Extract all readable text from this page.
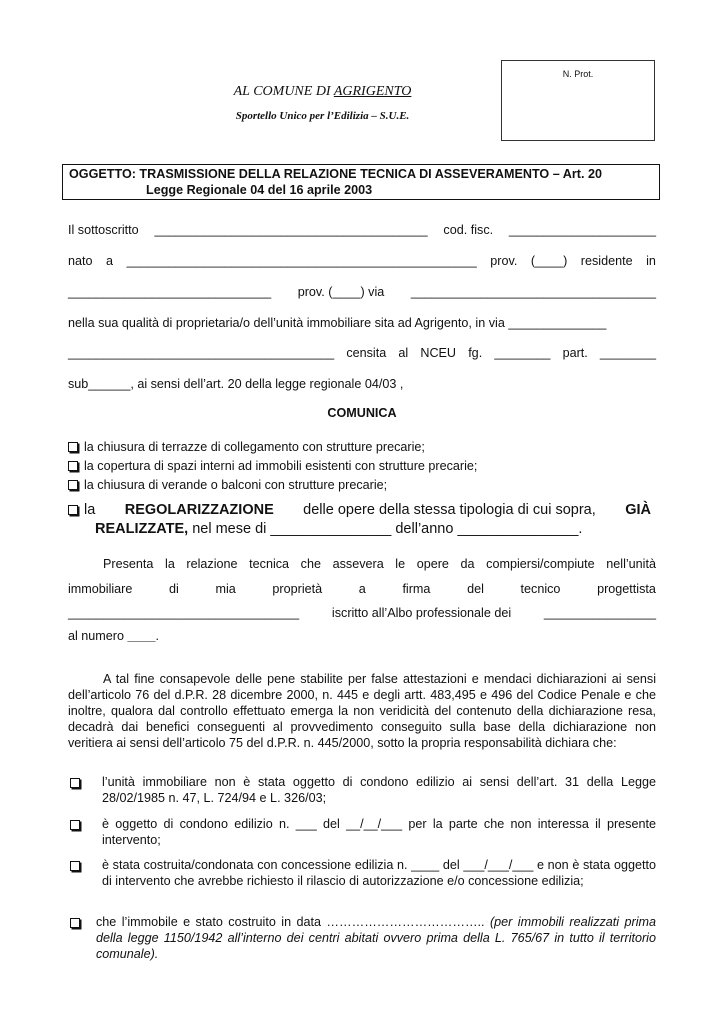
N. Prot.
AL COMUNE DI AGRIGENTO
Sportello Unico per l’Edilizia – S.U.E.
OGGETTO: TRASMISSIONE DELLA RELAZIONE TECNICA DI ASSEVERAMENTO – Art. 20
Legge Regionale 04 del 16 aprile 2003
Il sottoscritto _______________________________________ cod. fisc. _____________________
nato a __________________________________________________ prov. (____) residente in
_____________________________ prov. (____) via ___________________________________
nella sua qualità di proprietaria/o dell’unità immobiliare sita ad Agrigento, in via ______________
______________________________________ censita al NCEU fg. ________ part. ________
sub______, ai sensi dell’art. 20 della legge regionale 04/03 ,
COMUNICA
la chiusura di terrazze di collegamento con strutture precarie;
la copertura di spazi interni ad immobili esistenti con strutture precarie;
la chiusura di verande o balconi con strutture precarie;
la REGOLARIZZAZIONE delle opere della stessa tipologia di cui sopra, GIÀ
REALIZZATE, nel mese di _______________ dell’anno _______________.
Presenta la relazione tecnica che assevera le opere da compiersi/compiute nell’unità
immobiliare	di	mia	proprietà	a	firma	del	tecnico	progettista
_________________________________	iscritto all’Albo professionale dei	________________
al numero ____.
A tal fine consapevole delle pene stabilite per false attestazioni e mendaci dichiarazioni ai sensi dell’articolo 76 del d.P.R. 28 dicembre 2000, n. 445 e degli artt. 483,495 e 496 del Codice Penale e che inoltre, qualora dal controllo effettuato emerga la non veridicità del contenuto della dichiarazione resa, decadrà dai benefici conseguenti al provvedimento conseguito sulla base della dichiarazione non veritiera ai sensi dell’articolo 75 del d.P.R. n. 445/2000, sotto la propria responsabilità dichiara che:
l’unità immobiliare non è stata oggetto di condono edilizio ai sensi dell’art. 31 della Legge 28/02/1985 n. 47, L. 724/94 e L. 326/03;
è oggetto di condono edilizio n. ___ del __/__/___ per la parte che non interessa il presente intervento;
è stata costruita/condonata con concessione edilizia n. ____ del ___/___/___ e non è stata oggetto di intervento che avrebbe richiesto il rilascio di autorizzazione e/o concessione edilizia;
che l’immobile e stato costruito in data ……………………………….. (per immobili realizzati prima della legge 1150/1942 all’interno dei centri abitati ovvero prima della L. 765/67 in tutto il territorio comunale).
